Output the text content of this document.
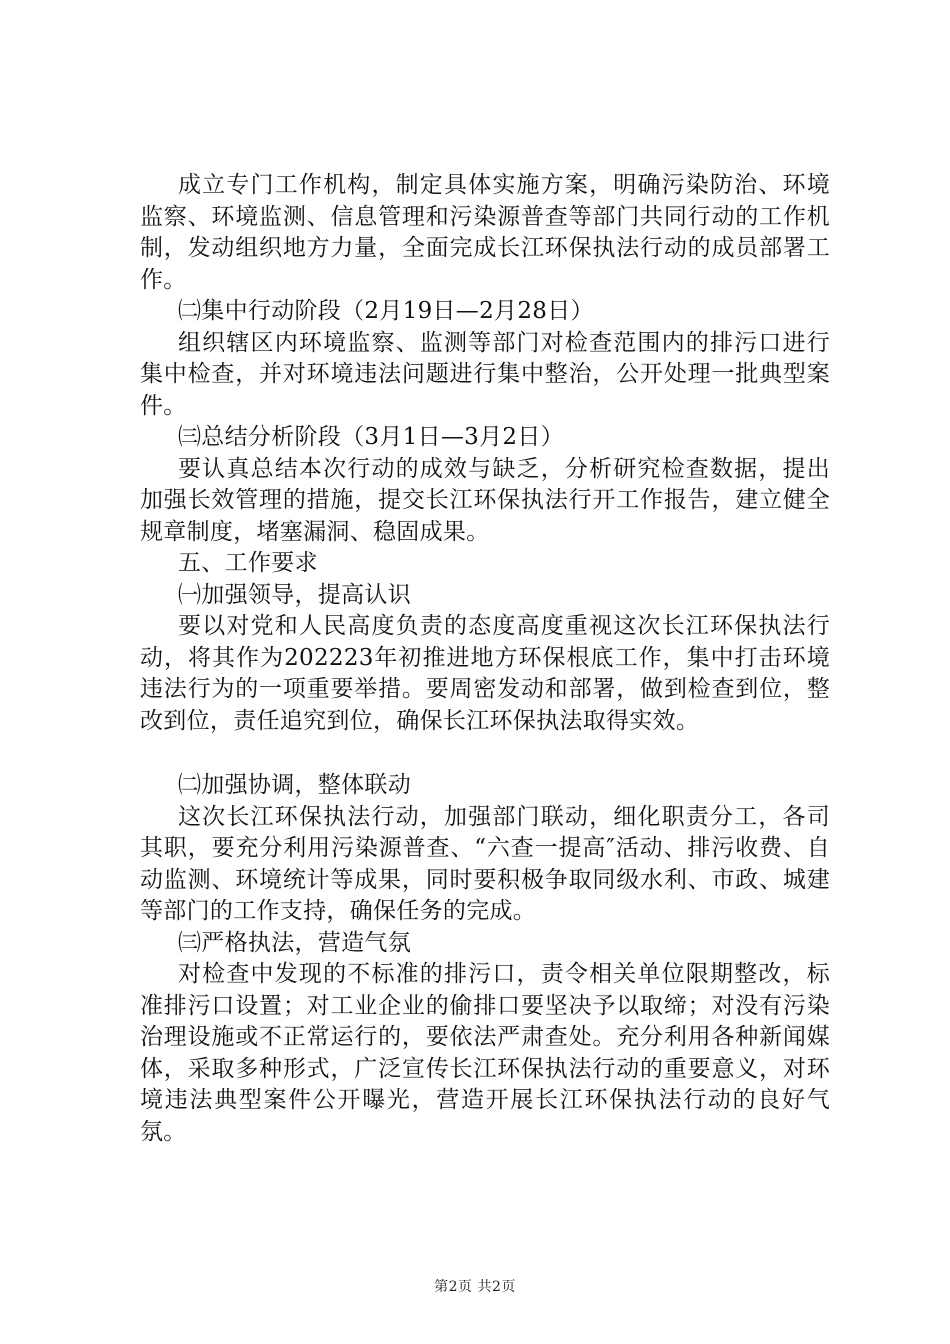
成立专门工作机构，制定具体实施方案，明确污染防治、环境监察、环境监测、信息管理和污染源普查等部门共同行动的工作机制，发动组织地方力量，全面完成长江环保执法行动的成员部署工作。

㈡集中行动阶段（2月19日—2月28日）

组织辖区内环境监察、监测等部门对检查范围内的排污口进行集中检查，并对环境违法问题进行集中整治，公开处理一批典型案件。

㈢总结分析阶段（3月1日—3月2日）

要认真总结本次行动的成效与缺乏，分析研究检查数据，提出加强长效管理的措施，提交长江环保执法行开工作报告，建立健全规章制度，堵塞漏洞、稳固成果。

五、工作要求

㈠加强领导，提高认识

要以对党和人民高度负责的态度高度重视这次长江环保执法行动，将其作为202223年初推进地方环保根底工作，集中打击环境违法行为的一项重要举措。要周密发动和部署，做到检查到位，整改到位，责任追究到位，确保长江环保执法取得实效。

㈡加强协调，整体联动

这次长江环保执法行动，加强部门联动，细化职责分工，各司其职，要充分利用污染源普查、“六查一提高″活动、排污收费、自动监测、环境统计等成果，同时要积极争取同级水利、市政、城建等部门的工作支持，确保任务的完成。

㈢严格执法，营造气氛

对检查中发现的不标准的排污口，责令相关单位限期整改，标准排污口设置；对工业企业的偷排口要坚决予以取缔；对没有污染治理设施或不正常运行的，要依法严肃查处。充分利用各种新闻媒体，采取多种形式，广泛宣传长江环保执法行动的重要意义，对环境违法典型案件公开曝光，营造开展长江环保执法行动的良好气氛。

第2页 共2页
